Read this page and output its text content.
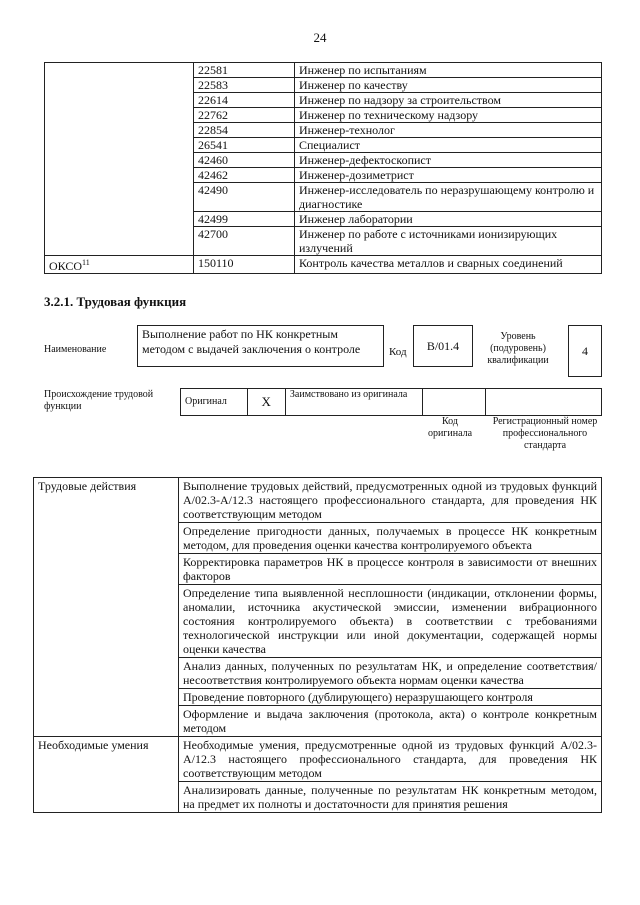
24
	22581	Инженер по испытаниям
	22583	Инженер по качеству
	22614	Инженер по надзору за строительством
	22762	Инженер по техническому надзору
	22854	Инженер-технолог
	26541	Специалист
	42460	Инженер-дефектоскопист
	42462	Инженер-дозиметрист
	42490	Инженер-исследователь по неразрушающему контролю и диагностике
	42499	Инженер лаборатории
	42700	Инженер по работе с источниками ионизирующих излучений
ОКСО$^{11}$	150110	Контроль качества металлов и сварных соединений
3.2.1. Трудовая функция
Наименование
Выполнение работ по НК конкретным методом с выдачей заключения о контроле	Код	B/01.4
Уровень (подуровень) квалификации
4
Происхождение трудовой функции	Оригинал	X	Заимствовано из оригинала		
Код оригинала
Регистрационный номер профессионального стандарта
Трудовые действия	Выполнение трудовых действий, предусмотренных одной из трудовых функций А/02.3-А/12.3 настоящего профессионального стандарта, для проведения НК соответствующим методом
	Определение пригодности данных, получаемых в процессе НК конкретным методом, для проведения оценки качества контролируемого объекта
	Корректировка параметров НК в процессе контроля в зависимости от внешних факторов
	Определение типа выявленной несплошности (индикации, отклонении формы, аномалии, источника акустической эмиссии, изменении вибрационного состояния контролируемого объекта) в соответствии с требованиями технологической инструкции или иной документации, содержащей нормы оценки качества
	Анализ данных, полученных по результатам НК, и определение соответствия/несоответствия контролируемого объекта нормам оценки качества
	Проведение повторного (дублирующего) неразрушающего контроля
	Оформление и выдача заключения (протокола, акта) о контроле конкретным методом
Необходимые умения	Необходимые умения, предусмотренные одной из трудовых функций А/02.3-А/12.3 настоящего профессионального стандарта, для проведения НК соответствующим методом
	Анализировать данные, полученные по результатам НК конкретным методом, на предмет их полноты и достаточности для принятия решения
